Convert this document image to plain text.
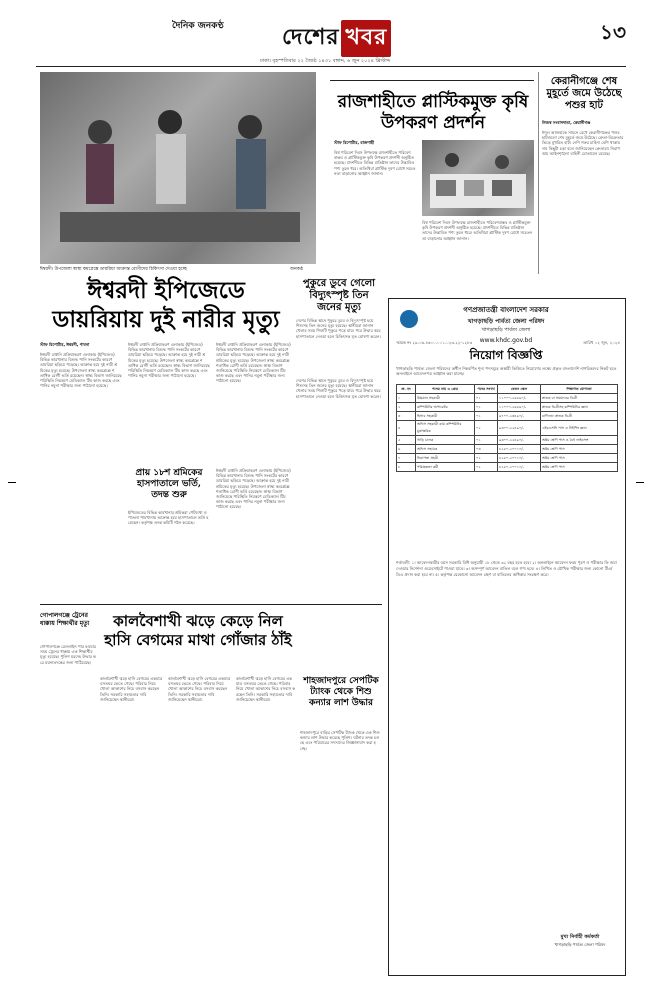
দৈনিক জনকণ্ঠ	দেশের খবর	১৩
ঢাকা। বৃহস্পতিবার ২২ জ্যৈষ্ঠ ১৪৩১ বঙ্গাব্দ, ৬ জুন ২০২৪ খ্রিস্টাব্দ
ঈশ্বরদী। উপজেলা স্বাস্থ্য কমপ্লেক্সে ডায়রিয়া আক্রান্ত রোগীদের চিকিৎসা দেওয়া হচ্ছে	জনকণ্ঠ
ঈশ্বরদী ইপিজেডে ডায়রিয়ায় দুই নারীর মৃত্যু
পুকুরে ডুবে গেলো বিদ্যুৎস্পৃষ্ট তিন জনের মৃত্যু
দেশের বিভিন্ন স্থানে পুকুরে ডুবে ও বিদ্যুৎস্পৃষ্ট হয়ে শিশুসহ তিন জনের মৃত্যু হয়েছে। স্থানীয়রা জানান খেলার সময় শিশুটি পুকুরে পড়ে যায়। পরে উদ্ধার করে হাসপাতালে নেওয়া হলে চিকিৎসক মৃত ঘোষণা করেন।
স্টাফ রিপোর্টার, ঈশ্বরদী, পাবনা
ঈশ্বরদী রপ্তানি প্রক্রিয়াকরণ এলাকায় (ইপিজেড) বিভিন্ন কারখানায় বিশুদ্ধ পানি সংকটের কারণে ডায়রিয়া ছড়িয়ে পড়েছে। আক্রান্ত হয়ে দুই নারী শ্রমিকের মৃত্যু হয়েছে। উপজেলা স্বাস্থ্য কমপ্লেক্সে শতাধিক রোগী ভর্তি রয়েছেন। স্বাস্থ্য বিভাগ জানিয়েছে পরিস্থিতি নিয়ন্ত্রণে মেডিক্যাল টিম কাজ করছে এবং পানির নমুনা পরীক্ষার জন্য পাঠানো হয়েছে।
ঈশ্বরদী রপ্তানি প্রক্রিয়াকরণ এলাকায় (ইপিজেড) বিভিন্ন কারখানায় বিশুদ্ধ পানি সংকটের কারণে ডায়রিয়া ছড়িয়ে পড়েছে। আক্রান্ত হয়ে দুই নারী শ্রমিকের মৃত্যু হয়েছে। উপজেলা স্বাস্থ্য কমপ্লেক্সে শতাধিক রোগী ভর্তি রয়েছেন। স্বাস্থ্য বিভাগ জানিয়েছে পরিস্থিতি নিয়ন্ত্রণে মেডিক্যাল টিম কাজ করছে এবং পানির নমুনা পরীক্ষার জন্য পাঠানো হয়েছে।
ঈশ্বরদী রপ্তানি প্রক্রিয়াকরণ এলাকায় (ইপিজেড) বিভিন্ন কারখানায় বিশুদ্ধ পানি সংকটের কারণে ডায়রিয়া ছড়িয়ে পড়েছে। আক্রান্ত হয়ে দুই নারী শ্রমিকের মৃত্যু হয়েছে। উপজেলা স্বাস্থ্য কমপ্লেক্সে শতাধিক রোগী ভর্তি রয়েছেন। স্বাস্থ্য বিভাগ জানিয়েছে পরিস্থিতি নিয়ন্ত্রণে মেডিক্যাল টিম কাজ করছে এবং পানির নমুনা পরীক্ষার জন্য পাঠানো হয়েছে।
প্রায় ১৮শ শ্রমিকের হাসপাতালে ভর্তি, তদন্ত শুরু
ইপিজেডের বিভিন্ন কারখানার শ্রমিকরা পেটব্যথা ও পাতলা পায়খানায় আক্রান্ত হয়ে হাসপাতালে ভর্তি হয়েছেন। কর্তৃপক্ষ তদন্ত কমিটি গঠন করেছে।
ঈশ্বরদী রপ্তানি প্রক্রিয়াকরণ এলাকায় (ইপিজেড) বিভিন্ন কারখানায় বিশুদ্ধ পানি সংকটের কারণে ডায়রিয়া ছড়িয়ে পড়েছে। আক্রান্ত হয়ে দুই নারী শ্রমিকের মৃত্যু হয়েছে। উপজেলা স্বাস্থ্য কমপ্লেক্সে শতাধিক রোগী ভর্তি রয়েছেন। স্বাস্থ্য বিভাগ জানিয়েছে পরিস্থিতি নিয়ন্ত্রণে মেডিক্যাল টিম কাজ করছে এবং পানির নমুনা পরীক্ষার জন্য পাঠানো হয়েছে।
দেশের বিভিন্ন স্থানে পুকুরে ডুবে ও বিদ্যুৎস্পৃষ্ট হয়ে শিশুসহ তিন জনের মৃত্যু হয়েছে। স্থানীয়রা জানান খেলার সময় শিশুটি পুকুরে পড়ে যায়। পরে উদ্ধার করে হাসপাতালে নেওয়া হলে চিকিৎসক মৃত ঘোষণা করেন।
গোপালগঞ্জে ট্রেনের ধাক্কায় শিক্ষার্থীর মৃত্যু
গোপালগঞ্জে রেললাইন পার হওয়ার সময় ট্রেনের ধাক্কায় এক শিক্ষার্থীর মৃত্যু হয়েছে। পুলিশ মরদেহ উদ্ধার করে ময়নাতদন্তের জন্য পাঠিয়েছে।
কালবৈশাখী ঝড়ে কেড়ে নিল হাসি বেগমের মাথা গোঁজার ঠাঁই
কালবৈশাখী ঝড়ে হাসি বেগমের একমাত্র বসতঘর ভেঙে গেছে। পরিবার নিয়ে খোলা আকাশের নিচে বসবাস করছেন তিনি। সরকারি সহায়তার দাবি জানিয়েছেন স্থানীয়রা।
কালবৈশাখী ঝড়ে হাসি বেগমের একমাত্র বসতঘর ভেঙে গেছে। পরিবার নিয়ে খোলা আকাশের নিচে বসবাস করছেন তিনি। সরকারি সহায়তার দাবি জানিয়েছেন স্থানীয়রা।
কালবৈশাখী ঝড়ে হাসি বেগমের একমাত্র বসতঘর ভেঙে গেছে। পরিবার নিয়ে খোলা আকাশের নিচে বসবাস করছেন তিনি। সরকারি সহায়তার দাবি জানিয়েছেন স্থানীয়রা।
শাহজাদপুরে সেপটিক ট্যাংক থেকে শিশু কন্যার লাশ উদ্ধার
শাহজাদপুরে বাড়ির সেপটিক ট্যাংক থেকে এক শিশু কন্যার লাশ উদ্ধার করেছে পুলিশ। ঘটনার তদন্ত চলছে এবং পরিবারের সদস্যদের জিজ্ঞাসাবাদ করা হচ্ছে।
রাজশাহীতে প্লাস্টিকমুক্ত কৃষি উপকরণ প্রদর্শন
স্টাফ রিপোর্টার, রাজশাহী
বিশ্ব পরিবেশ দিবস উপলক্ষে রাজশাহীতে পরিবেশবান্ধব ও প্লাস্টিকমুক্ত কৃষি উপকরণ প্রদর্শনী অনুষ্ঠিত হয়েছে। প্রদর্শনীতে বিভিন্ন প্রতিষ্ঠান তাদের উদ্ভাবিত পণ্য তুলে ধরে। অতিথিরা প্লাস্টিক দূষণ রোধে সচেতনতা বাড়ানোর আহ্বান জানান।
বিশ্ব পরিবেশ দিবস উপলক্ষে রাজশাহীতে পরিবেশবান্ধব ও প্লাস্টিকমুক্ত কৃষি উপকরণ প্রদর্শনী অনুষ্ঠিত হয়েছে। প্রদর্শনীতে বিভিন্ন প্রতিষ্ঠান তাদের উদ্ভাবিত পণ্য তুলে ধরে। অতিথিরা প্লাস্টিক দূষণ রোধে সচেতনতা বাড়ানোর আহ্বান জানান।
কেরানীগঞ্জে শেষ মুহূর্তে জমে উঠেছে পশুর হাট
নিজস্ব সংবাদদাতা, কেরানীগঞ্জ
ঈদুল আজহাকে সামনে রেখে কেরানীগঞ্জের পশুর হাটগুলো শেষ মুহূর্তে জমে উঠেছে। ক্রেতা-বিক্রেতার ভিড়ে মুখরিত হাট। দেশি গরুর চাহিদা বেশি থাকায় দাম কিছুটা চড়া বলে জানিয়েছেন ক্রেতারা। নিরাপত্তায় আইনশৃঙ্খলা বাহিনী মোতায়েন রয়েছে।
গণপ্রজাতন্ত্রী বাংলাদেশ সরকার
খাগড়াছড়ি পার্বত্য জেলা পরিষদ
খাগড়াছড়ি পার্বত্য জেলা
www.khdc.gov.bd
স্মারক নং ২৯.০৬.৪৬০০.০০১.০২৩.২২-১২৮৩	তারিখ ০২ জুন, ২০২৪
নিয়োগ বিজ্ঞপ্তি
খাগড়াছড়ি পার্বত্য জেলা পরিষদের অধীন নিম্নবর্ণিত শূন্য পদসমূহে অস্থায়ী ভিত্তিতে নিয়োগের লক্ষ্যে প্রকৃত বাংলাদেশি নাগরিকদের নিকট হতে অনলাইনে আবেদনপত্র আহ্বান করা যাচ্ছে।
ক্র. নং	পদের নাম ও গ্রেড	পদের সংখ্যা	বেতন স্কেল	শিক্ষাগত যোগ্যতা
১	উচ্চমান সহকারী	০১	১১০০০-২৬৫৯০/-	স্নাতক বা সমমানের ডিগ্রী
২	কম্পিউটার অপারেটর	০১	১১০০০-২৬৫৯০/-	স্নাতক ডিগ্রীসহ কম্পিউটার জ্ঞান
৩	হিসাব সহকারী	০১	৯৭০০-২৩৪৯০/-	বাণিজ্যে স্নাতক ডিগ্রী
৪	অফিস সহকারী কাম কম্পিউটার মুদ্রাক্ষরিক	০২	৯৩০০-২২৪৯০/-	এইচএসসি পাস ও টাইপিং জ্ঞান
৫	গাড়ি চালক	০১	৯৩০০-২২৪৯০/-	অষ্টম শ্রেণি পাস ও বৈধ লাইসেন্স
৬	অফিস সহায়ক	০৩	৮২৫০-২০০১০/-	অষ্টম শ্রেণি পাস
৭	নিরাপত্তা প্রহরী	০২	৮২৫০-২০০১০/-	অষ্টম শ্রেণি পাস
৮	পরিচ্ছন্নতা কর্মী	০২	৮২৫০-২০০১০/-	অষ্টম শ্রেণি পাস
শর্তাবলী: ১। আবেদনকারীর বয়স সরকারি বিধি অনুযায়ী ১৮ থেকে ৩২ বছর হতে হবে। ২। অনলাইনে আবেদন ফরম পূরণ ও পরীক্ষার ফি জমা দেওয়ার নির্দেশনা ওয়েবসাইটে পাওয়া যাবে। ৩। অসম্পূর্ণ আবেদন বাতিল বলে গণ্য হবে। ৪। লিখিত ও মৌখিক পরীক্ষার জন্য কোনো টিএ/ডিএ প্রদান করা হবে না। ৫। কর্তৃপক্ষ যেকোনো আবেদন গ্রহণ বা বাতিলের অধিকার সংরক্ষণ করে।
মুখ্য নির্বাহী কর্মকর্তা
খাগড়াছড়ি পার্বত্য জেলা পরিষদ
